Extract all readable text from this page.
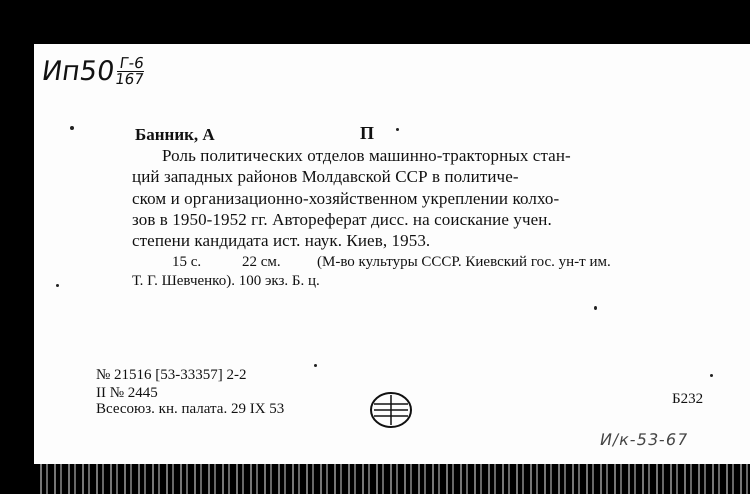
Ип50 Г-6
167
Банник, А	П
Роль политических отделов машинно-тракторных стан-
ций западных районов Молдавской ССР в политиче-
ском и организационно-хозяйственном укреплении колхо-
зов в 1950-1952 гг. Автореферат дисс. на соискание учен.
степени кандидата ист. наук. Киев, 1953.
15 с.	22 см. (М-во культуры СССР. Киевский гос. ун-т им.
Т. Г. Шевченко). 100 экз. Б. ц.
№ 21516 [53-33357] 2-2
II № 2445
Всесоюз. кн. палата. 29 IX 53
Б232
И/к-53-67
